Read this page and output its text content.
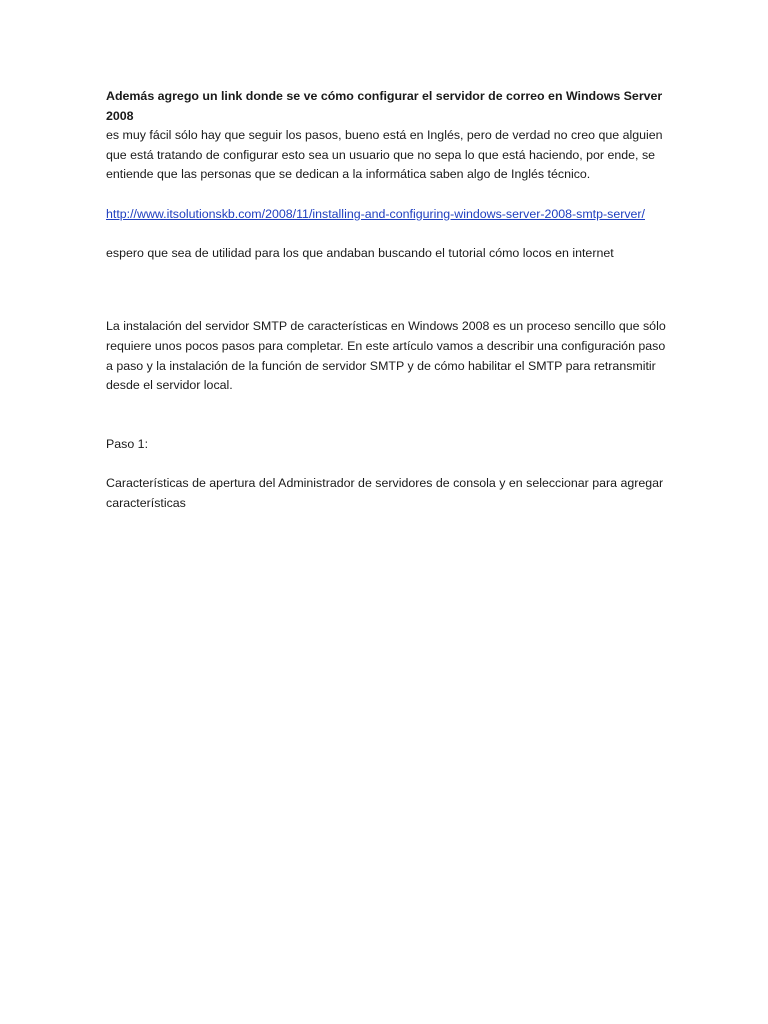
Además agrego un link donde se ve cómo configurar el servidor de correo en Windows Server 2008

es muy fácil sólo hay que seguir los pasos, bueno está en Inglés, pero de verdad no creo que alguien que está tratando de configurar esto sea un usuario que no sepa lo que está haciendo, por ende, se entiende que las personas que se dedican a la informática saben algo de Inglés técnico.

http://www.itsolutionskb.com/2008/11/installing-and-configuring-windows-server-2008-smtp-server/

espero que sea de utilidad para los que andaban buscando el tutorial cómo locos en internet

La instalación del servidor SMTP de características en Windows 2008 es un proceso sencillo que sólo requiere unos pocos pasos para completar. En este artículo vamos a describir una configuración paso a paso y la instalación de la función de servidor SMTP y de cómo habilitar el SMTP para retransmitir desde el servidor local.

Paso 1:

Características de apertura del Administrador de servidores de consola y en seleccionar para agregar características
